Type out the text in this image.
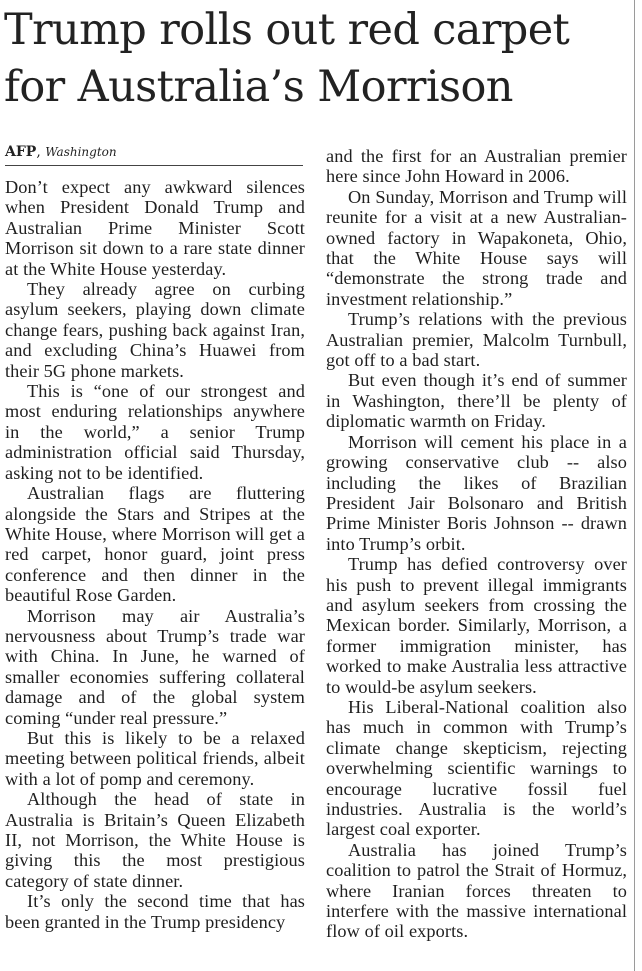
Trump rolls out red carpet
for Australia’s Morrison
AFP, Washington

Don’t expect any awkward silences when President Donald Trump and Australian Prime Minister Scott Morrison sit down to a rare state dinner at the White House yesterday.

They already agree on curbing asylum seekers, playing down climate change fears, pushing back against Iran, and excluding China’s Huawei from their 5G phone markets.

This is “one of our strongest and most enduring relationships anywhere in the world,” a senior Trump administration official said Thursday, asking not to be identified.

Australian flags are fluttering alongside the Stars and Stripes at the White House, where Morrison will get a red carpet, honor guard, joint press conference and then dinner in the beautiful Rose Garden.

Morrison may air Australia’s nervousness about Trump’s trade war with China. In June, he warned of smaller economies suffering collateral damage and of the global system coming “under real pressure.”

But this is likely to be a relaxed meeting between political friends, albeit with a lot of pomp and ceremony.

Although the head of state in Australia is Britain’s Queen Elizabeth II, not Morrison, the White House is giving this the most prestigious category of state dinner.

It’s only the second time that has been granted in the Trump presidency

and the first for an Australian premier here since John Howard in 2006.

On Sunday, Morrison and Trump will reunite for a visit at a new Australian-owned factory in Wapakoneta, Ohio, that the White House says will “demonstrate the strong trade and investment relationship.”

Trump’s relations with the previous Australian premier, Malcolm Turnbull, got off to a bad start.

But even though it’s end of summer in Washington, there’ll be plenty of diplomatic warmth on Friday.

Morrison will cement his place in a growing conservative club -- also including the likes of Brazilian President Jair Bolsonaro and British Prime Minister Boris Johnson -- drawn into Trump’s orbit.

Trump has defied controversy over his push to prevent illegal immigrants and asylum seekers from crossing the Mexican border. Similarly, Morrison, a former immigration minister, has worked to make Australia less attractive to would-be asylum seekers.

His Liberal-National coalition also has much in common with Trump’s climate change skepticism, rejecting overwhelming scientific warnings to encourage lucrative fossil fuel industries. Australia is the world’s largest coal exporter.

Australia has joined Trump’s coalition to patrol the Strait of Hormuz, where Iranian forces threaten to interfere with the massive international flow of oil exports.
